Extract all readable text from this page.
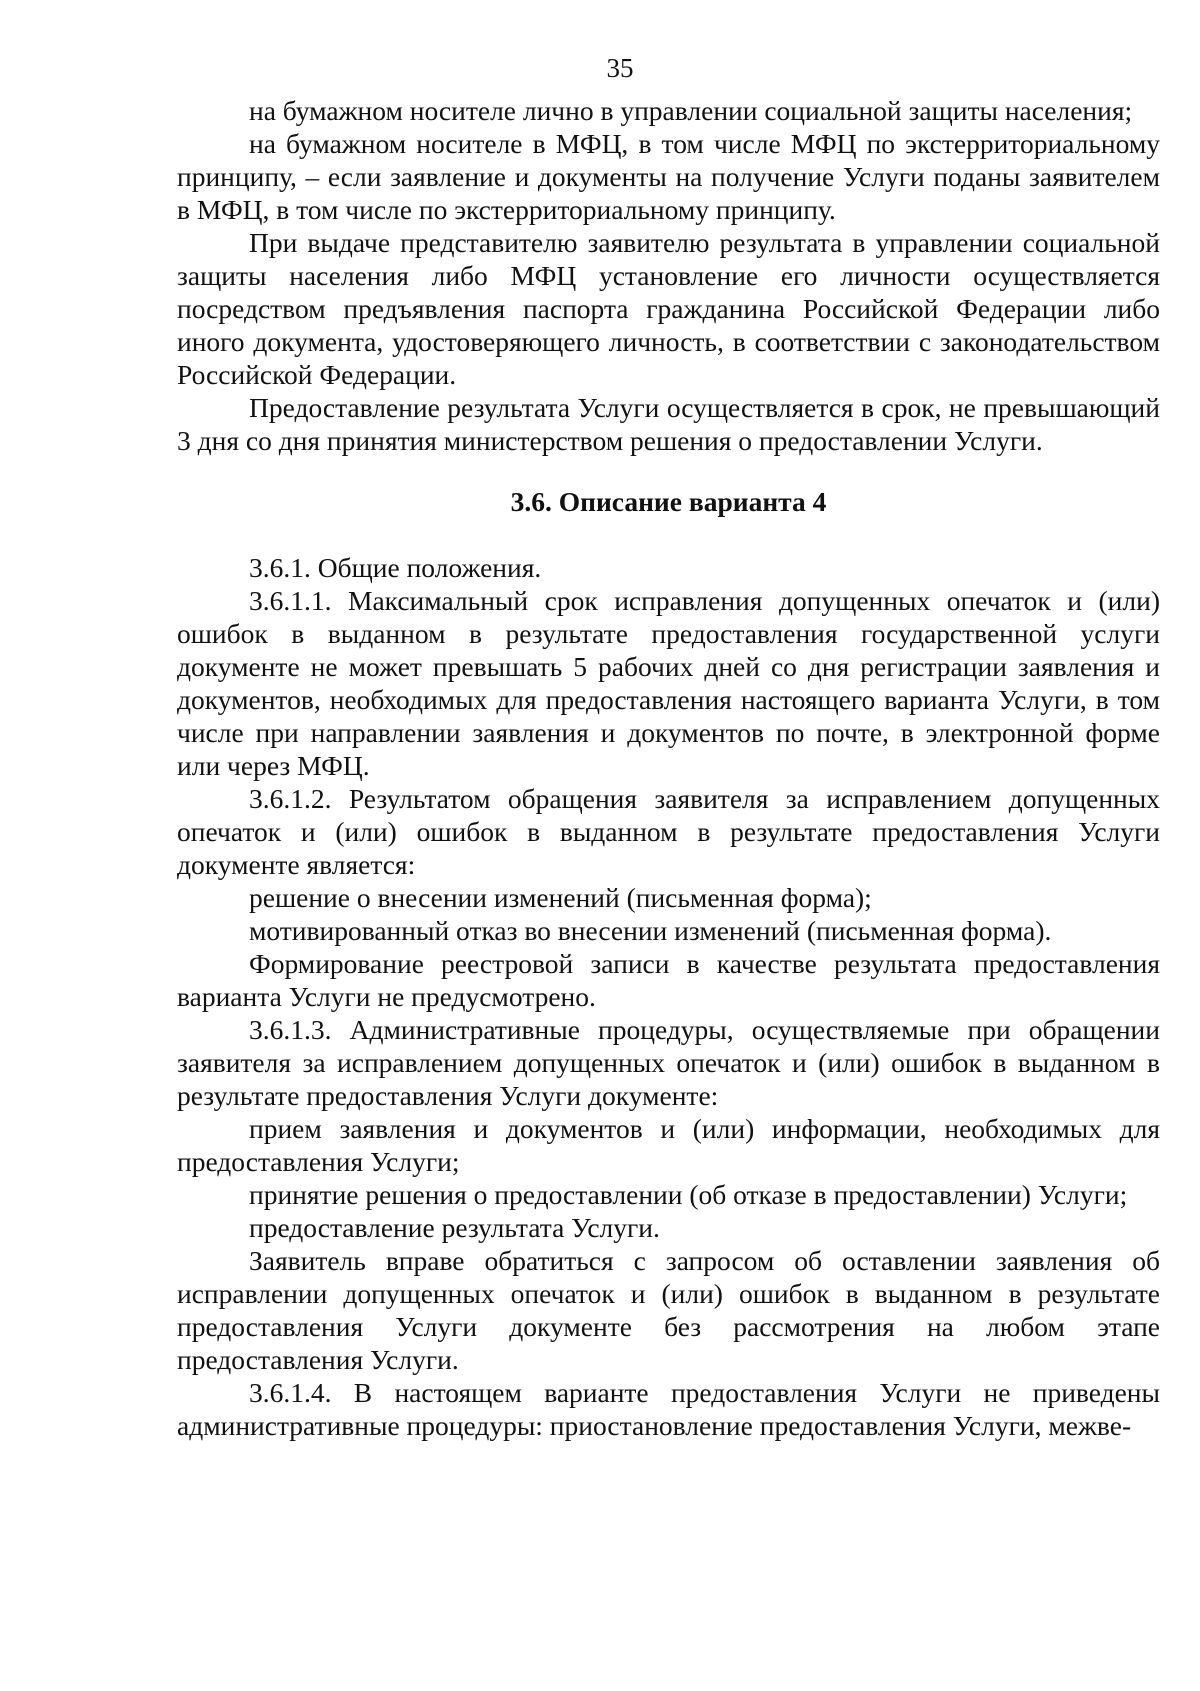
35

на бумажном носителе лично в управлении социальной защиты населения;

на бумажном носителе в МФЦ, в том числе МФЦ по экстерриториальному принципу, – если заявление и документы на получение Услуги поданы заявителем в МФЦ, в том числе по экстерриториальному принципу.

При выдаче представителю заявителю результата в управлении социальной защиты населения либо МФЦ установление его личности осуществляется посредством предъявления паспорта гражданина Российской Федерации либо иного документа, удостоверяющего личность, в соответствии с законодательством Российской Федерации.

Предоставление результата Услуги осуществляется в срок, не превышающий 3 дня со дня принятия министерством решения о предоставлении Услуги.

3.6. Описание варианта 4

3.6.1. Общие положения.

3.6.1.1. Максимальный срок исправления допущенных опечаток и (или) ошибок в выданном в результате предоставления государственной услуги документе не может превышать 5 рабочих дней со дня регистрации заявления и документов, необходимых для предоставления настоящего варианта Услуги, в том числе при направлении заявления и документов по почте, в электронной форме или через МФЦ.

3.6.1.2. Результатом обращения заявителя за исправлением допущенных опечаток и (или) ошибок в выданном в результате предоставления Услуги документе является:

решение о внесении изменений (письменная форма);

мотивированный отказ во внесении изменений (письменная форма).

Формирование реестровой записи в качестве результата предоставления варианта Услуги не предусмотрено.

3.6.1.3. Административные процедуры, осуществляемые при обращении заявителя за исправлением допущенных опечаток и (или) ошибок в выданном в результате предоставления Услуги документе:

прием заявления и документов и (или) информации, необходимых для предоставления Услуги;

принятие решения о предоставлении (об отказе в предоставлении) Услуги;

предоставление результата Услуги.

Заявитель вправе обратиться с запросом об оставлении заявления об исправлении допущенных опечаток и (или) ошибок в выданном в результате предоставления Услуги документе без рассмотрения на любом этапе предоставления Услуги.

3.6.1.4. В настоящем варианте предоставления Услуги не приведены административные процедуры: приостановление предоставления Услуги, межве-
